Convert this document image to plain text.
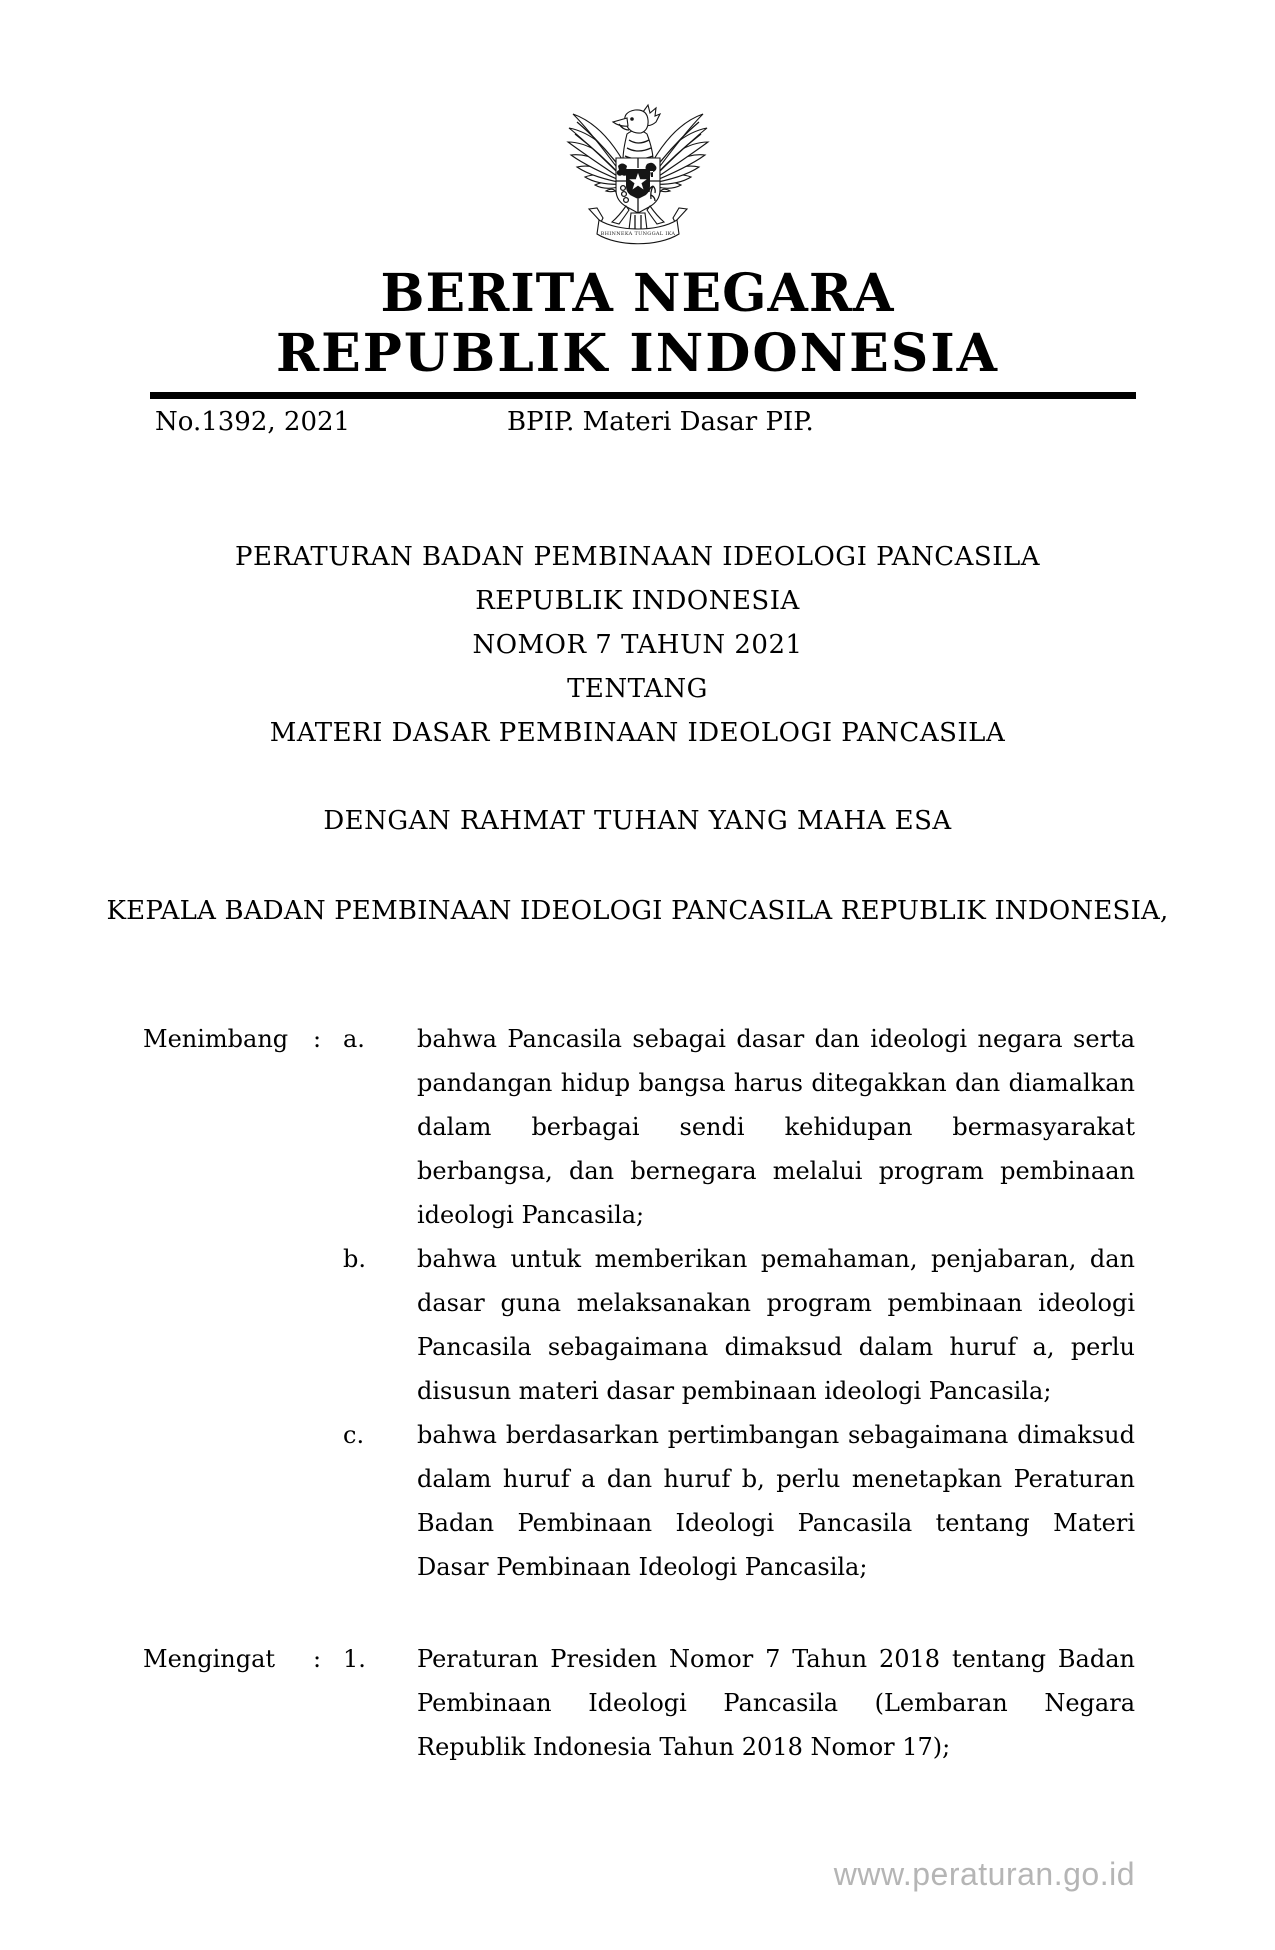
BHINNEKA TUNGGAL IKA
BERITA NEGARA
REPUBLIK INDONESIA
No.1392, 2021	BPIP. Materi Dasar PIP.
PERATURAN BADAN PEMBINAAN IDEOLOGI PANCASILA
REPUBLIK INDONESIA
NOMOR 7 TAHUN 2021
TENTANG
MATERI DASAR PEMBINAAN IDEOLOGI PANCASILA
DENGAN RAHMAT TUHAN YANG MAHA ESA
KEPALA BADAN PEMBINAAN IDEOLOGI PANCASILA REPUBLIK INDONESIA,
Menimbang	: a.	bahwa Pancasila sebagai dasar dan ideologi negara serta pandangan hidup bangsa harus ditegakkan dan diamalkan dalam berbagai sendi kehidupan bermasyarakat berbangsa, dan bernegara melalui program pembinaan ideologi Pancasila;
b.	bahwa untuk memberikan pemahaman, penjabaran, dan dasar guna melaksanakan program pembinaan ideologi Pancasila sebagaimana dimaksud dalam huruf a, perlu disusun materi dasar pembinaan ideologi Pancasila;
c.	bahwa berdasarkan pertimbangan sebagaimana dimaksud dalam huruf a dan huruf b, perlu menetapkan Peraturan Badan Pembinaan Ideologi Pancasila tentang Materi Dasar Pembinaan Ideologi Pancasila;
Mengingat	: 1.	Peraturan Presiden Nomor 7 Tahun 2018 tentang Badan Pembinaan Ideologi Pancasila (Lembaran Negara Republik Indonesia Tahun 2018 Nomor 17);
www.peraturan.go.id
